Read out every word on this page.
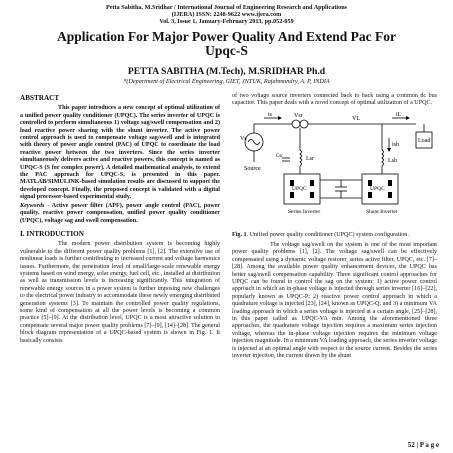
Petta Sabitha, M.Sridhar / International Journal of Engineering Research and Applications
(IJERA) ISSN: 2248-9622 www.ijera.com
Vol. 3, Issue 1, January-February 2013, pp.052-059
Application For Major Power Quality And Extend Pac For
Upqc-S
PETTA SABITHA (M.Tech), M.SRIDHAR Ph.d
*(Department of Electrical Engineering, GIET, JNTUK, Rajahmundry, A. P, INDIA
ABSTRACT

This paper introduces a new concept of optimal utilization of a unified power quality conditioner (UPQC). The series inverter of UPQC is controlled to perform simultaneous 1) voltage sag/swell compensation and 2) load reactive power sharing with the shunt inverter. The active power control approach is used to compensate voltage sag/swell and is integrated with theory of power angle control (PAC) of UPQC to coordinate the load reactive power between the two inverters. Since the series inverter simultaneously delivers active and reactive powers, this concept is named as UPQC-S (S for complex power). A detailed mathematical analysis, to extend the PAC approach for UPQC-S, is presented in this paper. MATLAB/SIMULINK-based simulation results are discussed to support the developed concept. Finally, the proposed concept is validated with a digital signal processor-based experimental study.

Keywords - Active power filter (APF), power angle control (PAC), power quality, reactive power compensation, unified power quality conditioner (UPQC), voltage sag and swell compensation.

I. INTRODUCTION

The modern power distribution system is becoming highly vulnerable to the different power quality problems [1], [2]. The extensive use of nonlinear loads is further contributing to increased current and voltage harmonics issues. Furthermore, the penetration level of small/large-scale renewable energy systems based on wind energy, solar energy, fuel cell, etc., installed at distribution as well as transmission levels is increasing significantly. This integration of renewable energy sources in a power system is further imposing new challenges to the electrical power industry to accommodate these newly emerging distributed generation systems [3]. To maintain the controlled power quality regulations, some kind of compensation at all the power levels is becoming a common practice [5]–[9]. At the distribution level, UPQC is a most attractive solution to compensate several major power quality problems [7]–[9], [14]–[28]. The general block diagram representation of a UPQC-based system is shown in Fig. 1. It basically consists

of two voltage source inverters connected back to back using a common dc bus capacitor. This paper deals with a novel concept of optimal utilization of a UPQC.

Vs
is	Vsr	VL
iL
Load
Source
ish
Lsr	Lsh
UPQC	UPQC
Csr
Series Inverter	Shunt Inverter

Fig. 1. Unified power quality conditioner (UPQC) system configuration.

The voltage sag/swell on the system is one of the most important power quality problems [1], [2]. The voltage sag/swell can be effectively compensated using a dynamic voltage restorer, series active filter, UPQC, etc. [7]–[28]. Among the available power quality enhancement devices, the UPQC has better sag/swell compensation capability. Three significant control approaches for UPQC can be found to control the sag on the system: 1) active power control approach in which an in-phase voltage is injected through series inverter [16]–[22], popularly known as UPQC-P; 2) reactive power control approach in which a quadrature voltage is injected [23], [24], known as UPQC-Q; and 3) a minimum VA loading approach in which a series voltage is injected at a certain angle, [25]–[28], in this paper called as UPQC-VA min. Among the aforementioned three approaches, the quadrature voltage injection requires a maximum series injection voltage, whereas the in-phase voltage injection requires the minimum voltage injection magnitude. In a minimum VA loading approach, the series inverter voltage is injected at an optimal angle with respect to the source current. Besides the series inverter injection, the current drawn by the shunt

52 | P a g e
